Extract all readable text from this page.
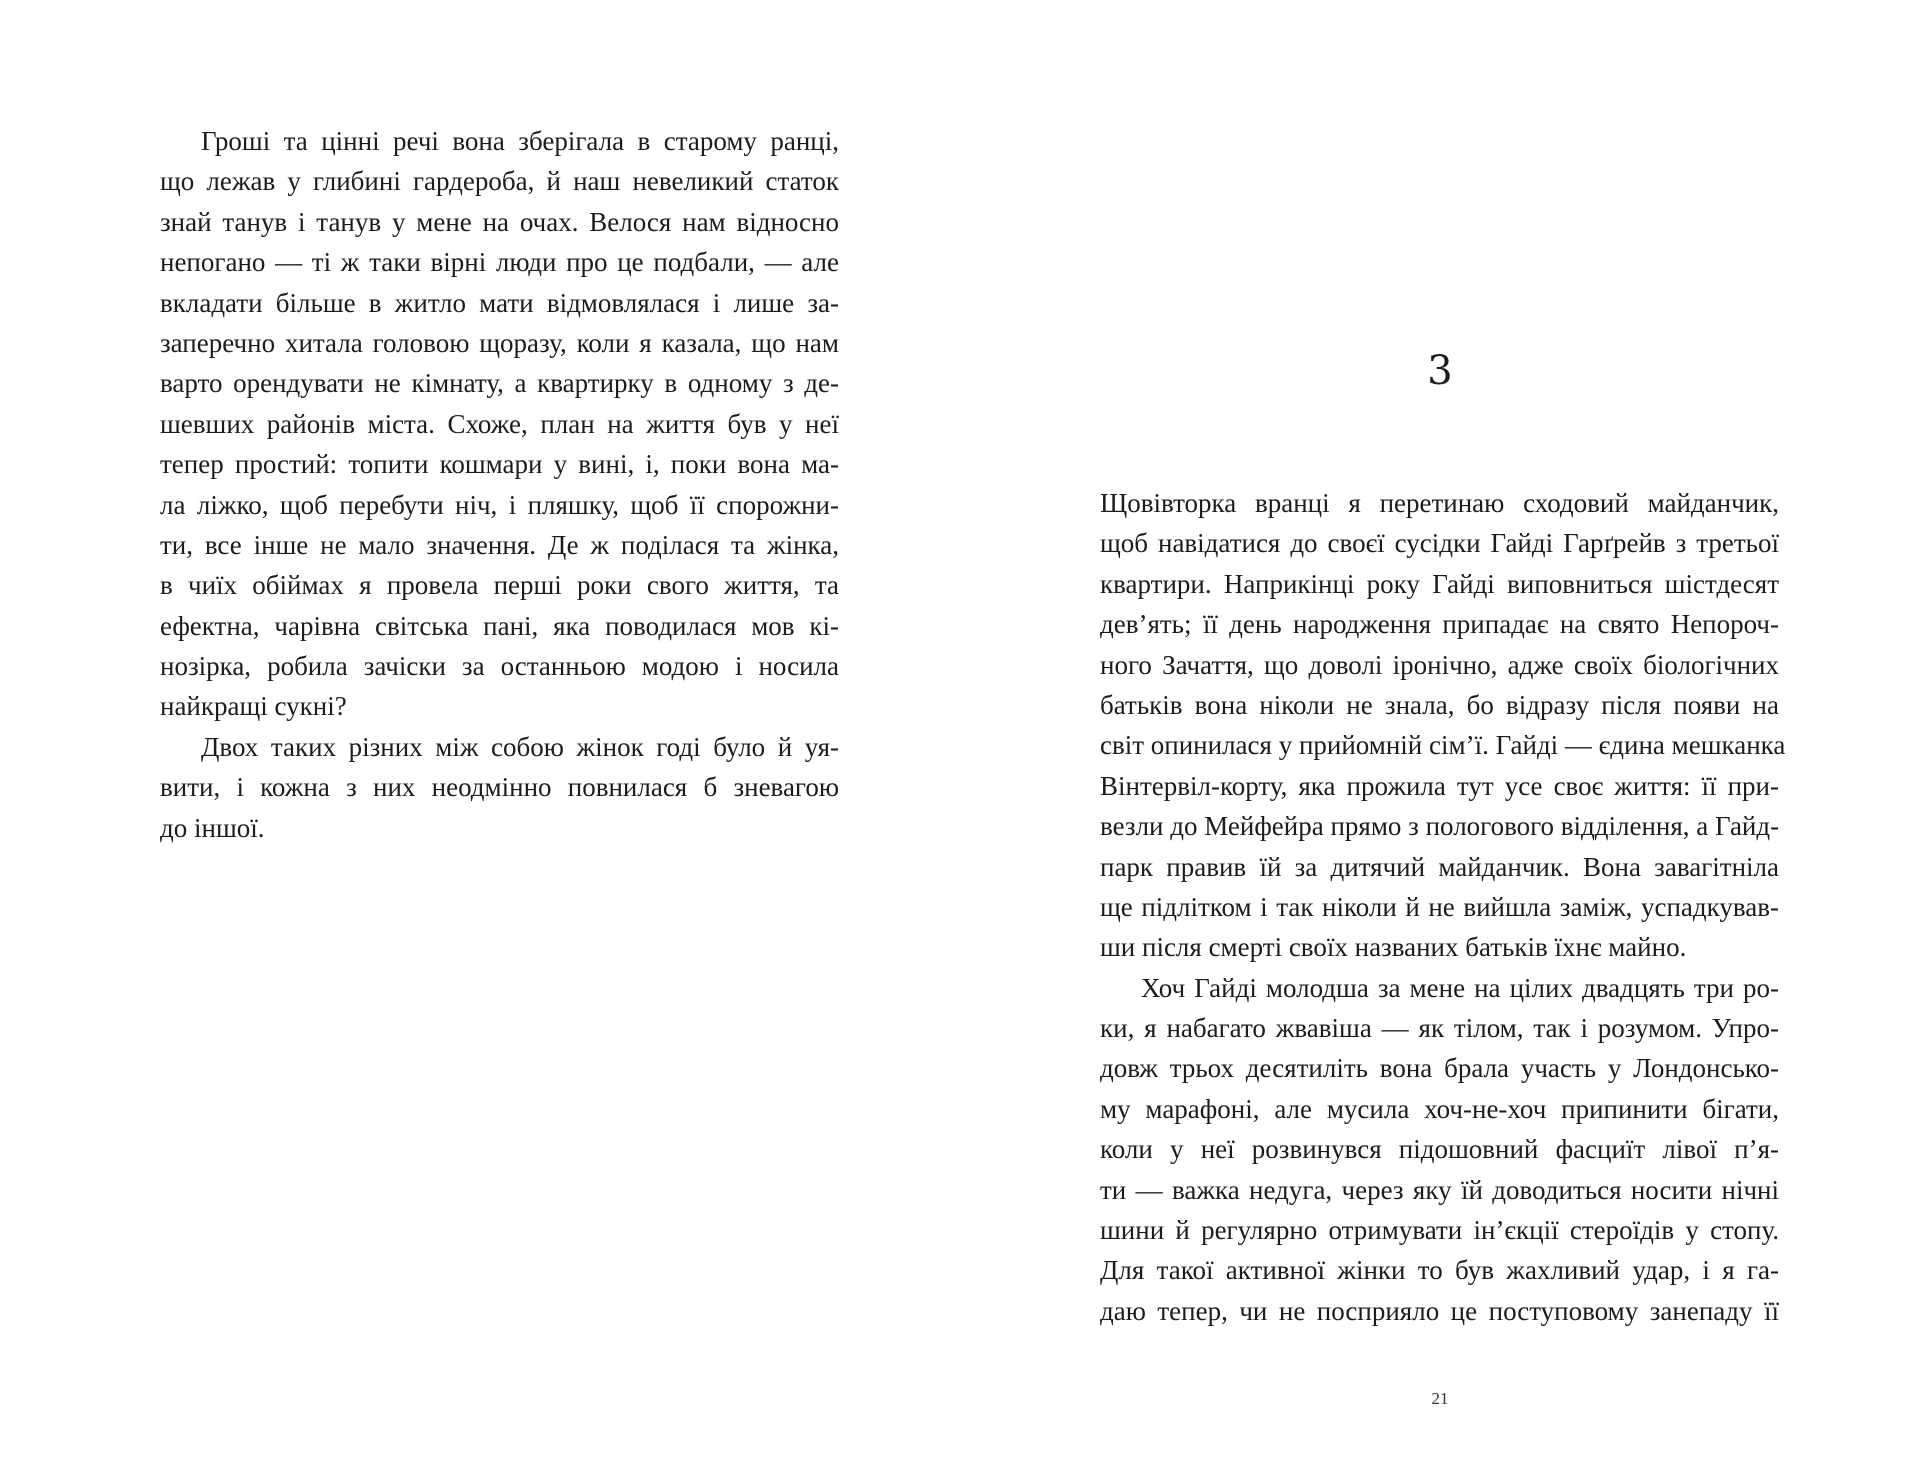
Гроші та цінні речі вона зберігала в старому ранці,
що лежав у глибині гардероба, й наш невеликий статок
знай танув і танув у мене на очах. Велося нам відносно
непогано — ті ж таки вірні люди про це подбали, — але
вкладати більше в житло мати відмовлялася і лише за-
заперечно хитала головою щоразу, коли я казала, що нам
варто орендувати не кімнату, а квартирку в одному з де-
шевших районів міста. Схоже, план на життя був у неї
тепер простий: топити кошмари у вині, і, поки вона ма-
ла ліжко, щоб перебути ніч, і пляшку, щоб її спорожни-
ти, все інше не мало значення. Де ж поділася та жінка,
в чиїх обіймах я провела перші роки свого життя, та
ефектна, чарівна світська пані, яка поводилася мов кі-
нозірка, робила зачіски за останньою модою і носила
найкращі сукні?
Двох таких різних між собою жінок годі було й уя-
вити, і кожна з них неодмінно повнилася б зневагою
до іншої.
3
Щовівторка вранці я перетинаю сходовий майданчик,
щоб навідатися до своєї сусідки Гайді Гарґрейв з третьої
квартири. Наприкінці року Гайді виповниться шістдесят
дев’ять; її день народження припадає на свято Непороч-
ного Зачаття, що доволі іронічно, адже своїх біологічних
батьків вона ніколи не знала, бо відразу після появи на
світ опинилася у прийомній сім’ї. Гайді — єдина мешканка
Вінтервіл-корту, яка прожила тут усе своє життя: її при-
везли до Мейфейра прямо з пологового відділення, а Гайд-
парк правив їй за дитячий майданчик. Вона завагітніла
ще підлітком і так ніколи й не вийшла заміж, успадкував-
ши після смерті своїх названих батьків їхнє майно.
Хоч Гайді молодша за мене на цілих двадцять три ро-
ки, я набагато жвавіша — як тілом, так і розумом. Упро-
довж трьох десятиліть вона брала участь у Лондонсько-
му марафоні, але мусила хоч-не-хоч припинити бігати,
коли у неї розвинувся підошовний фасциїт лівої п’я-
ти — важка недуга, через яку їй доводиться носити нічні
шини й регулярно отримувати ін’єкції стероїдів у стопу.
Для такої активної жінки то був жахливий удар, і я га-
даю тепер, чи не посприяло це поступовому занепаду її
21
